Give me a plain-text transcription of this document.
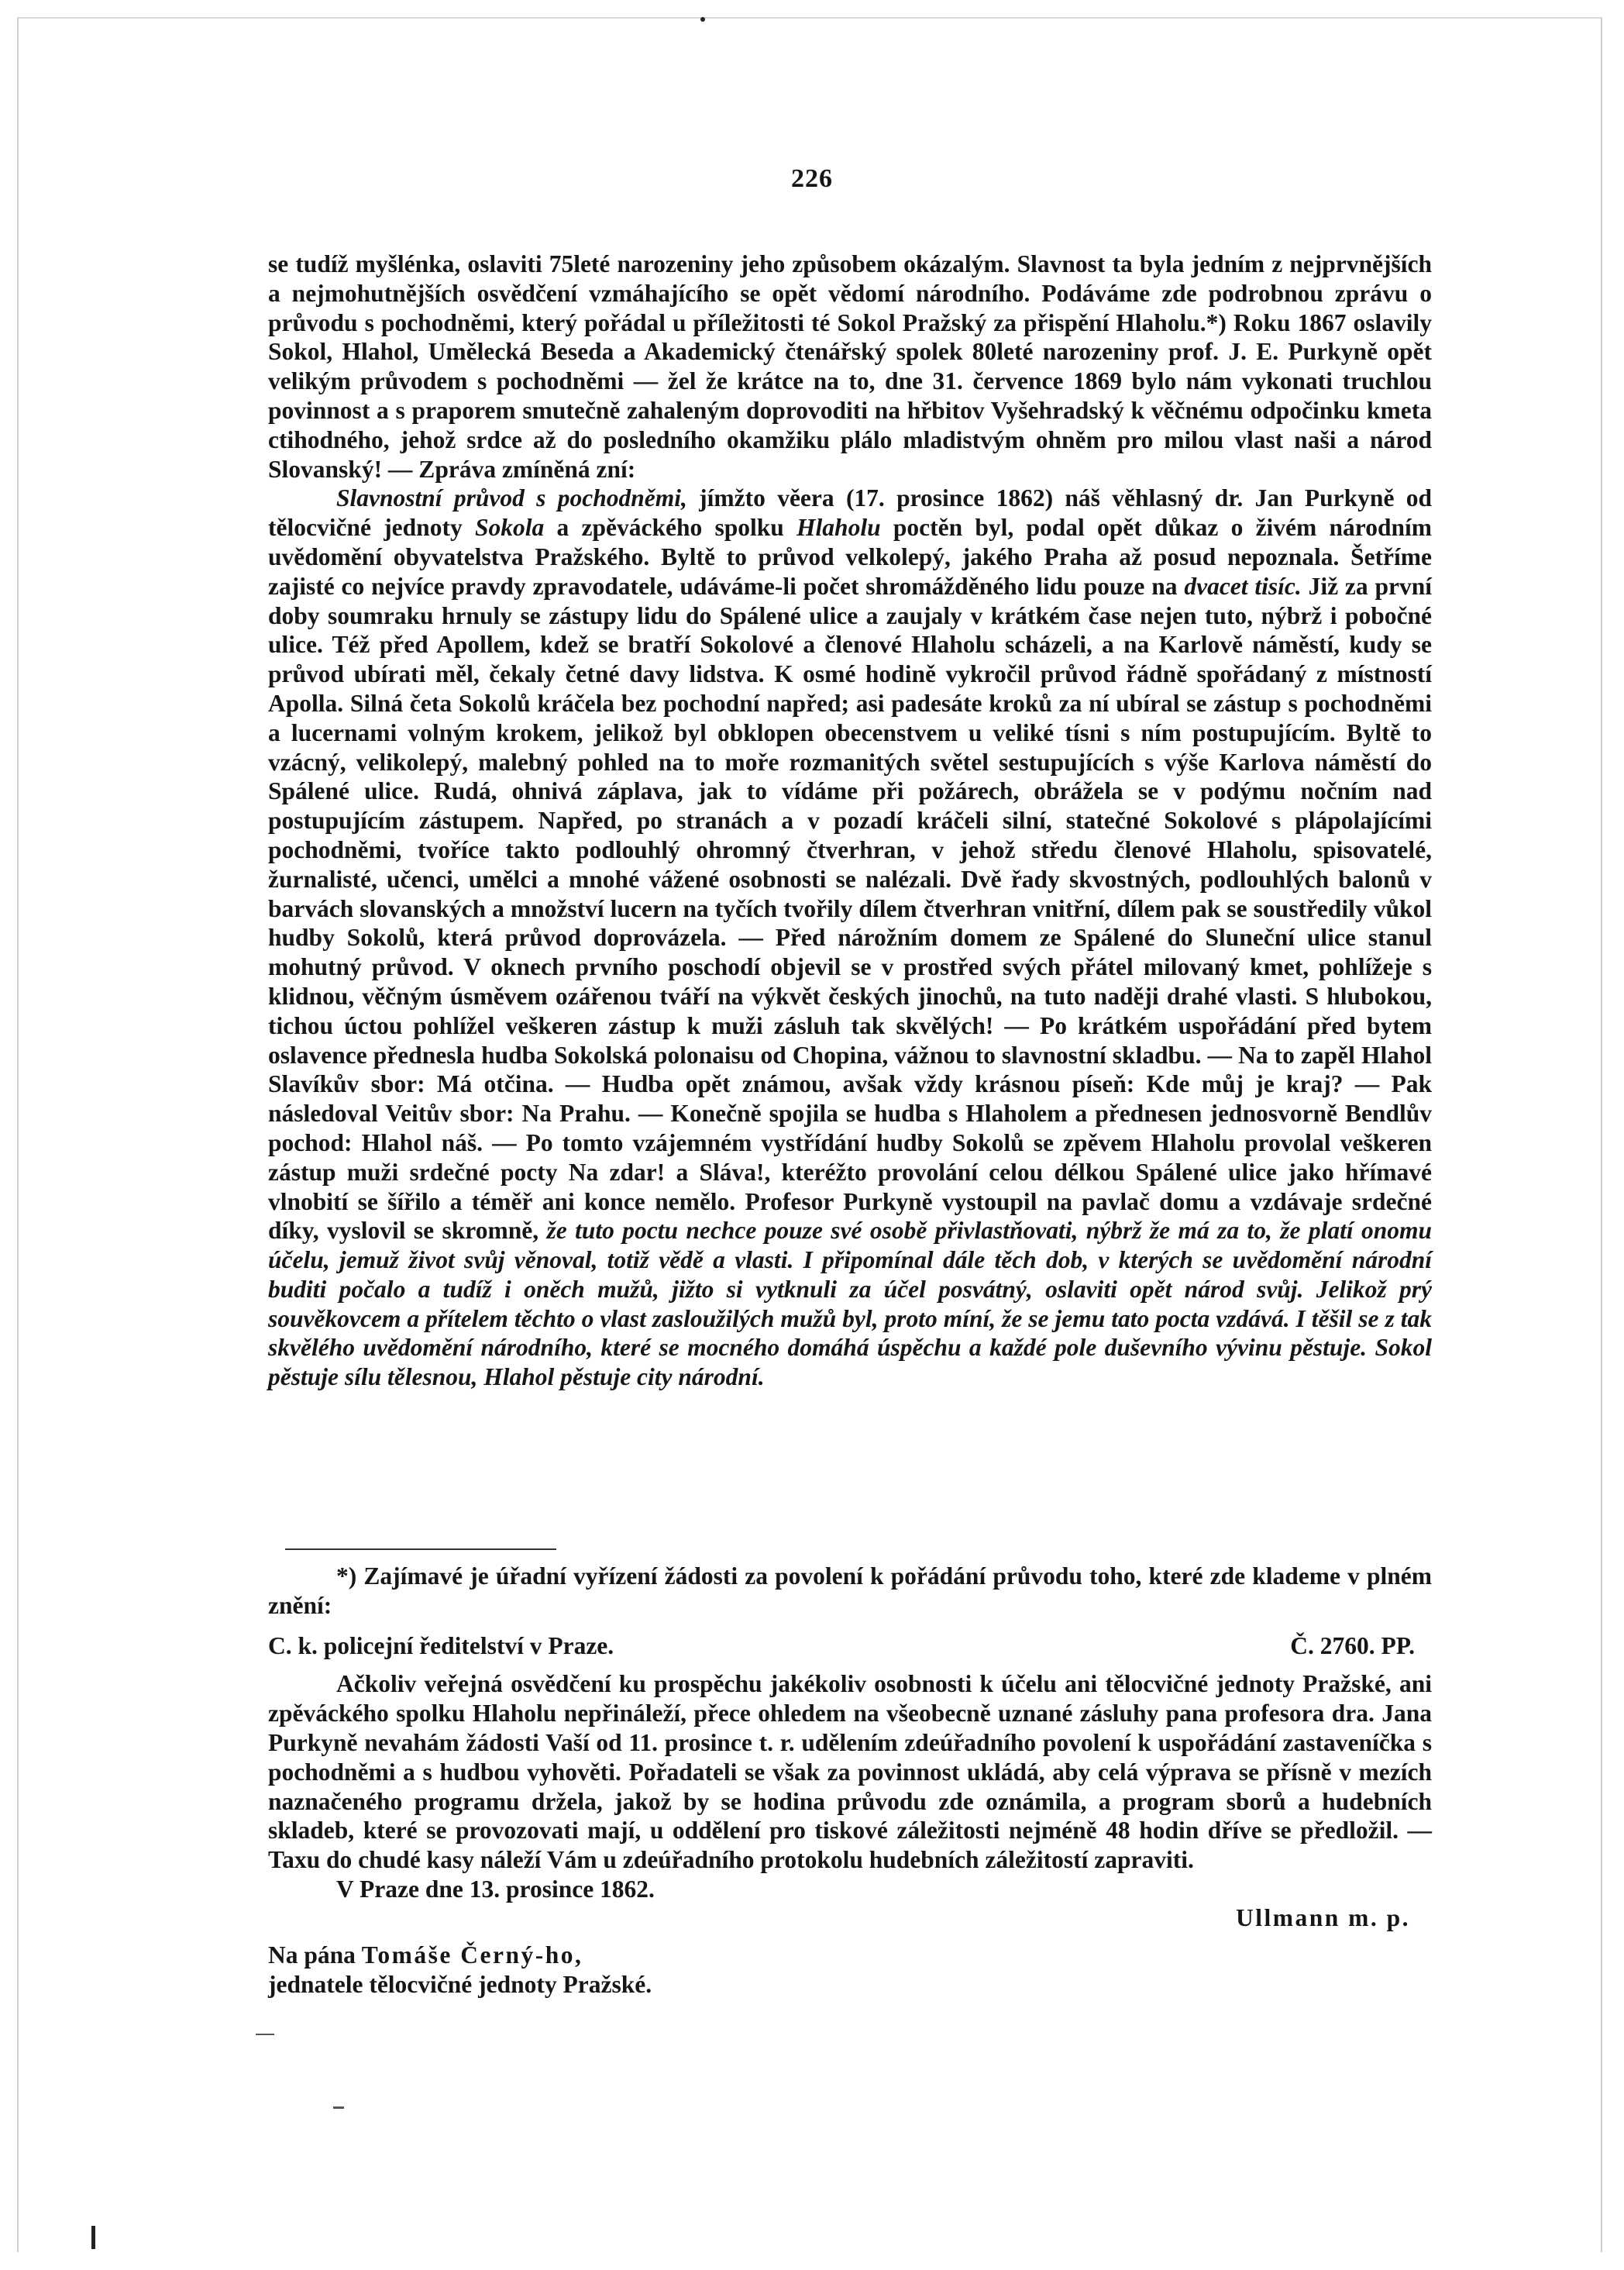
226

se tudíž myšlénka, oslaviti 75leté narozeniny jeho způsobem okázalým. Slavnost ta byla jedním z nejprvnějších a nejmohutnějších osvědčení vzmáhajícího se opět vědomí národního. Podáváme zde podrobnou zprávu o průvodu s pochodněmi, který pořádal u příležitosti té Sokol Pražský za přispění Hlaholu.*) Roku 1867 oslavily Sokol, Hlahol, Umělecká Beseda a Akademický čtenářský spolek 80leté narozeniny prof. J. E. Purkyně opět velikým průvodem s pochodněmi — žel že krátce na to, dne 31. července 1869 bylo nám vykonati truchlou povinnost a s praporem smutečně zahaleným doprovoditi na hřbitov Vyšehradský k věčnému odpočinku kmeta ctihodného, jehož srdce až do posledního okamžiku plálo mladistvým ohněm pro milou vlast naši a národ Slovanský! — Zpráva zmíněná zní:

Slavnostní průvod s pochodněmi, jímžto věera (17. prosince 1862) náš věhlasný dr. Jan Purkyně od tělocvičné jednoty Sokola a zpěváckého spolku Hlaholu poctěn byl, podal opět důkaz o živém národním uvědomění obyvatelstva Pražského. Byltě to průvod velkolepý, jakého Praha až posud nepoznala. Šetříme zajisté co nejvíce pravdy zpravodatele, udáváme-li počet shromážděného lidu pouze na dvacet tisíc. Již za první doby soumraku hrnuly se zástupy lidu do Spálené ulice a zaujaly v krátkém čase nejen tuto, nýbrž i pobočné ulice. Též před Apollem, kdež se bratří Sokolové a členové Hlaholu scházeli, a na Karlově náměstí, kudy se průvod ubírati měl, čekaly četné davy lidstva. K osmé hodině vykročil průvod řádně spořádaný z místností Apolla. Silná četa Sokolů kráčela bez pochodní napřed; asi padesáte kroků za ní ubíral se zástup s pochodněmi a lucernami volným krokem, jelikož byl obklopen obecenstvem u veliké tísni s ním postupujícím. Byltě to vzácný, velikolepý, malebný pohled na to moře rozmanitých světel sestupujících s výše Karlova náměstí do Spálené ulice. Rudá, ohnivá záplava, jak to vídáme při požárech, obrážela se v podýmu nočním nad postupujícím zástupem. Napřed, po stranách a v pozadí kráčeli silní, statečné Sokolové s plápolajícími pochodněmi, tvoříce takto podlouhlý ohromný čtverhran, v jehož středu členové Hlaholu, spisovatelé, žurnalisté, učenci, umělci a mnohé vážené osobnosti se nalézali. Dvě řady skvostných, podlouhlých balonů v barvách slovanských a množství lucern na tyčích tvořily dílem čtverhran vnitřní, dílem pak se soustředily vůkol hudby Sokolů, která průvod doprovázela. — Před nárožním domem ze Spálené do Sluneční ulice stanul mohutný průvod. V oknech prvního poschodí objevil se v prostřed svých přátel milovaný kmet, pohlížeje s klidnou, věčným úsměvem ozářenou tváří na výkvět českých jinochů, na tuto naději drahé vlasti. S hlubokou, tichou úctou pohlížel veškeren zástup k muži zásluh tak skvělých! — Po krátkém uspořádání před bytem oslavence přednesla hudba Sokolská polonaisu od Chopina, vážnou to slavnostní skladbu. — Na to zapěl Hlahol Slavíkův sbor: Má otčina. — Hudba opět známou, avšak vždy krásnou píseň: Kde můj je kraj? — Pak následoval Veitův sbor: Na Prahu. — Konečně spojila se hudba s Hlaholem a přednesen jednosvorně Bendlův pochod: Hlahol náš. — Po tomto vzájemném vystřídání hudby Sokolů se zpěvem Hlaholu provolal veškeren zástup muži srdečné pocty Na zdar! a Sláva!, kteréžto provolání celou délkou Spálené ulice jako hřímavé vlnobití se šířilo a téměř ani konce nemělo. Profesor Purkyně vystoupil na pavlač domu a vzdávaje srdečné díky, vyslovil se skromně, že tuto poctu nechce pouze své osobě přivlastňovati, nýbrž že má za to, že platí onomu účelu, jemuž život svůj věnoval, totiž vědě a vlasti. I připomínal dále těch dob, v kterých se uvědomění národní buditi počalo a tudíž i oněch mužů, jižto si vytknuli za účel posvátný, oslaviti opět národ svůj. Jelikož prý souvěkovcem a přítelem těchto o vlast zasloužilých mužů byl, proto míní, že se jemu tato pocta vzdává. I těšil se z tak skvělého uvědomění národního, které se mocného domáhá úspěchu a každé pole duševního vývinu pěstuje. Sokol pěstuje sílu tělesnou, Hlahol pěstuje city národní.

*) Zajímavé je úřadní vyřízení žádosti za povolení k pořádání průvodu toho, které zde klademe v plném znění:

C. k. policejní ředitelství v Praze.	Č. 2760. PP.

Ačkoliv veřejná osvědčení ku prospěchu jakékoliv osobnosti k účelu ani tělocvičné jednoty Pražské, ani zpěváckého spolku Hlaholu nepřináleží, přece ohledem na všeobecně uznané zásluhy pana profesora dra. Jana Purkyně nevahám žádosti Vaší od 11. prosince t. r. udělením zdeúřadního povolení k uspořádání zastaveníčka s pochodněmi a s hudbou vyhověti. Pořadateli se však za povinnost ukládá, aby celá výprava se přísně v mezích naznačeného programu držela, jakož by se hodina průvodu zde oznámila, a program sborů a hudebních skladeb, které se provozovati mají, u oddělení pro tiskové záležitosti nejméně 48 hodin dříve se předložil. — Taxu do chudé kasy náleží Vám u zdeúřadního protokolu hudebních záležitostí zapraviti.

V Praze dne 13. prosince 1862.
Ullmann m. p.

Na pána Tomáše Černý-ho,

jednatele tělocvičné jednoty Pražské.
